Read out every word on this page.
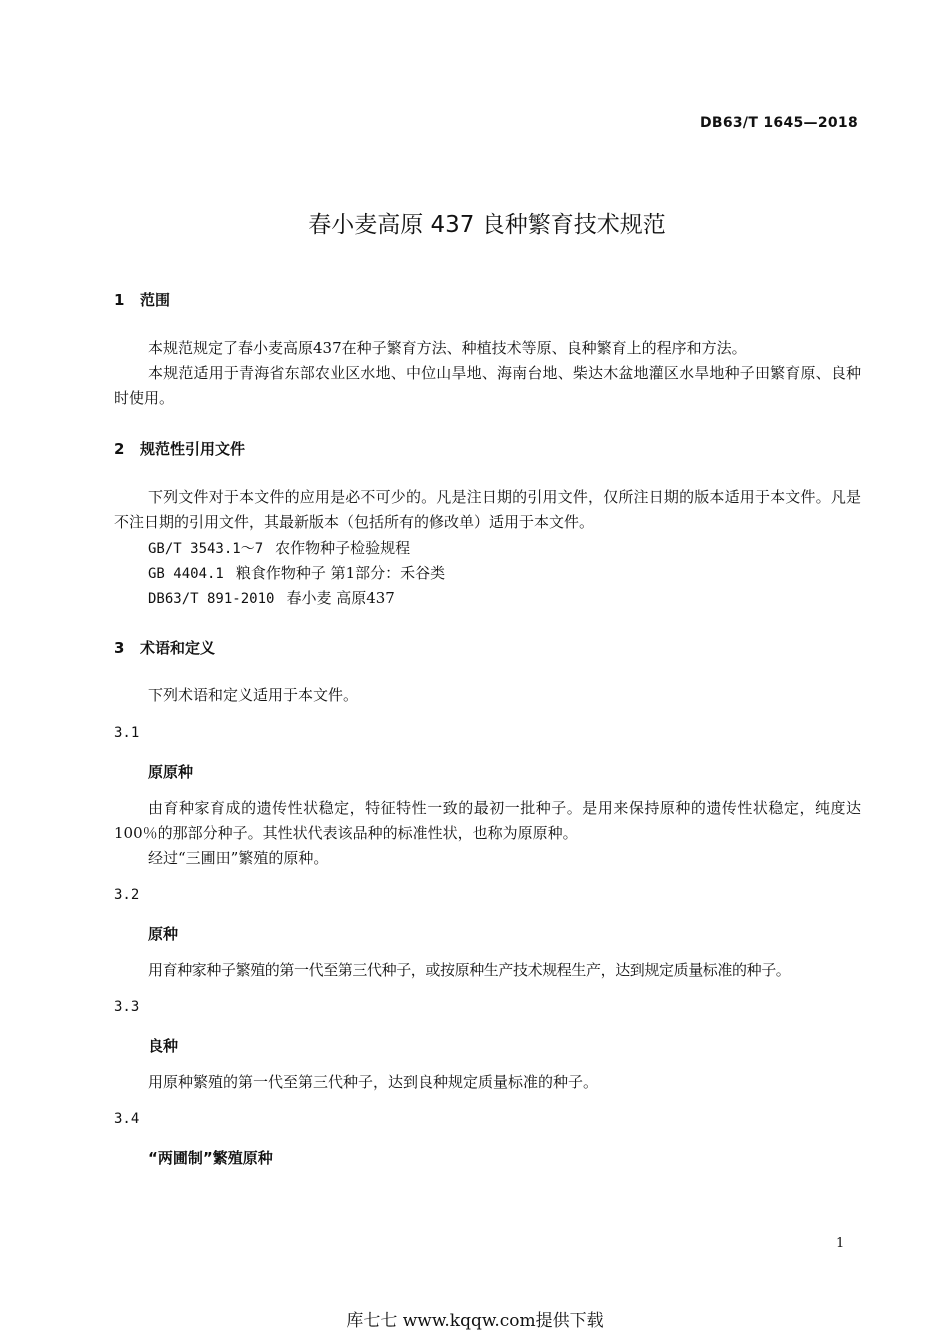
DB63/T 1645—2018
春小麦高原 437 良种繁育技术规范
1 范围

本规范规定了春小麦高原437在种子繁育方法、种植技术等原、良种繁育上的程序和方法。

本规范适用于青海省东部农业区水地、中位山旱地、海南台地、柴达木盆地灌区水旱地种子田繁育原、良种时使用。

2 规范性引用文件

下列文件对于本文件的应用是必不可少的。凡是注日期的引用文件，仅所注日期的版本适用于本文件。凡是不注日期的引用文件，其最新版本（包括所有的修改单）适用于本文件。

GB/T 3543.1～7 农作物种子检验规程
GB 4404.1 粮食作物种子 第1部分：禾谷类
DB63/T 891-2010 春小麦 高原437
3 术语和定义

下列术语和定义适用于本文件。

3.1
原原种

由育种家育成的遗传性状稳定，特征特性一致的最初一批种子。是用来保持原种的遗传性状稳定，纯度达100％的那部分种子。其性状代表该品种的标准性状，也称为原原种。

经过“三圃田”繁殖的原种。

3.2
原种

用育种家种子繁殖的第一代至第三代种子，或按原种生产技术规程生产，达到规定质量标准的种子。

3.3
良种

用原种繁殖的第一代至第三代种子，达到良种规定质量标准的种子。

3.4
“两圃制”繁殖原种
1
库七七 www.kqqw.com提供下载
